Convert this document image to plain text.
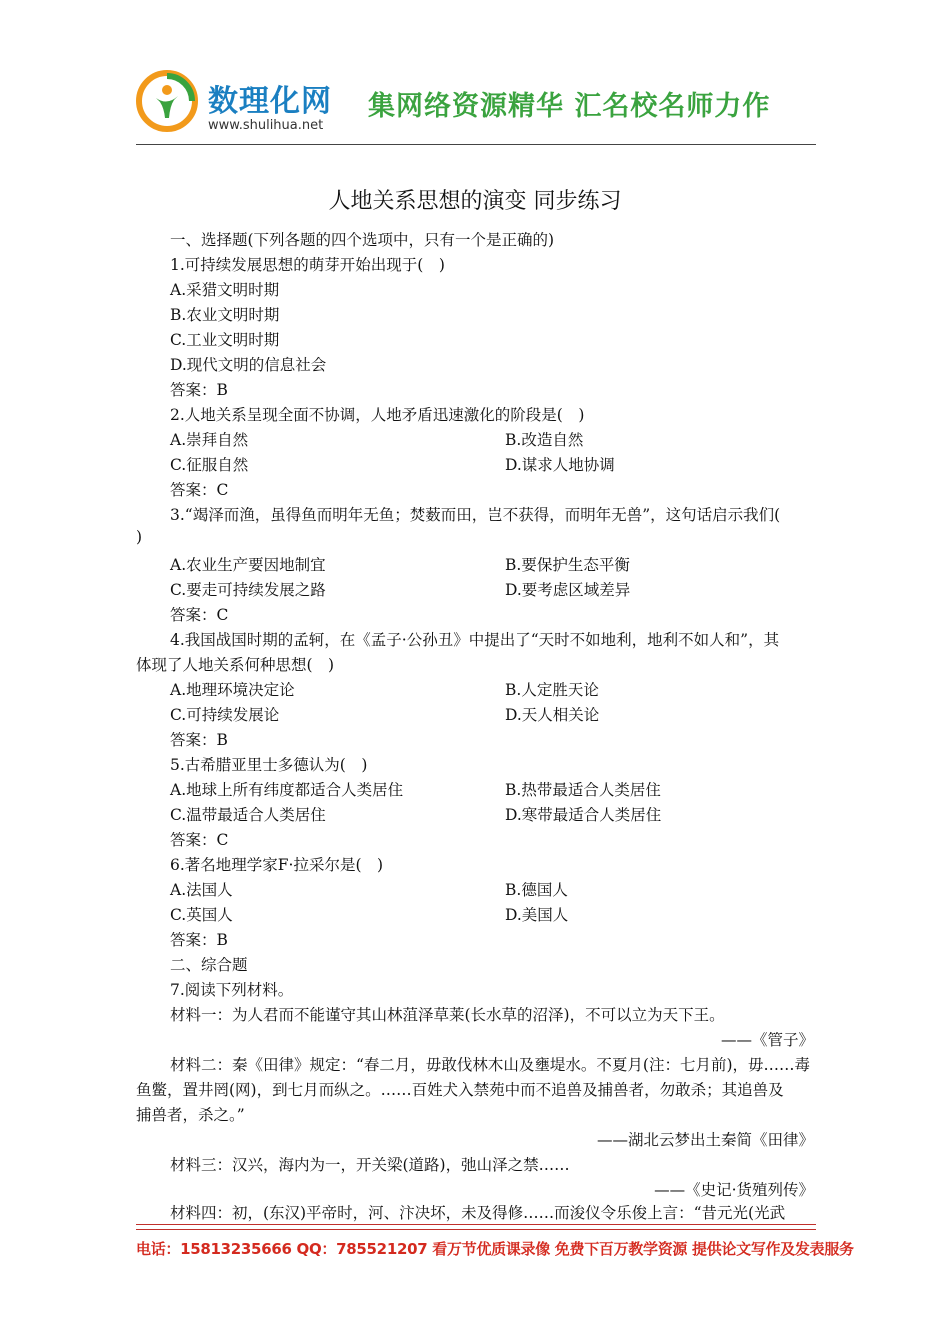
数理化网
www.shulihua.net
集网络资源精华 汇名校名师力作
人地关系思想的演变 同步练习
一、选择题(下列各题的四个选项中，只有一个是正确的)
1.可持续发展思想的萌芽开始出现于(　)
A.采猎文明时期
B.农业文明时期
C.工业文明时期
D.现代文明的信息社会
答案：B
2.人地关系呈现全面不协调，人地矛盾迅速激化的阶段是(　)
A.崇拜自然	B.改造自然
C.征服自然	D.谋求人地协调
答案：C
3.“竭泽而渔，虽得鱼而明年无鱼；焚薮而田，岂不获得，而明年无兽”，这句话启示我们(
)
A.农业生产要因地制宜	B.要保护生态平衡
C.要走可持续发展之路	D.要考虑区域差异
答案：C
4.我国战国时期的孟轲，在《孟子·公孙丑》中提出了“天时不如地利，地利不如人和”，其
体现了人地关系何种思想(　)
A.地理环境决定论	B.人定胜天论
C.可持续发展论	D.天人相关论
答案：B
5.古希腊亚里士多德认为(　)
A.地球上所有纬度都适合人类居住	B.热带最适合人类居住
C.温带最适合人类居住	D.寒带最适合人类居住
答案：C
6.著名地理学家F·拉采尔是(　)
A.法国人	B.德国人
C.英国人	D.美国人
答案：B
二、综合题
7.阅读下列材料。
材料一：为人君而不能谨守其山林菹泽草莱(长水草的沼泽)，不可以立为天下王。
——《管子》
材料二：秦《田律》规定：“春二月，毋敢伐林木山及壅堤水。不夏月(注：七月前)，毋……毒
鱼鳖，置井罔(网)，到七月而纵之。……百姓犬入禁苑中而不追兽及捕兽者，勿敢杀；其追兽及
捕兽者，杀之。”
——湖北云梦出土秦简《田律》
材料三：汉兴，海内为一，开关梁(道路)，弛山泽之禁……
——《史记·货殖列传》
材料四：初，(东汉)平帝时，河、汴决坏，未及得修……而浚仪令乐俊上言：“昔元光(光武
电话：15813235666 QQ：785521207 看万节优质课录像 免费下百万教学资源 提供论文写作及发表服务
